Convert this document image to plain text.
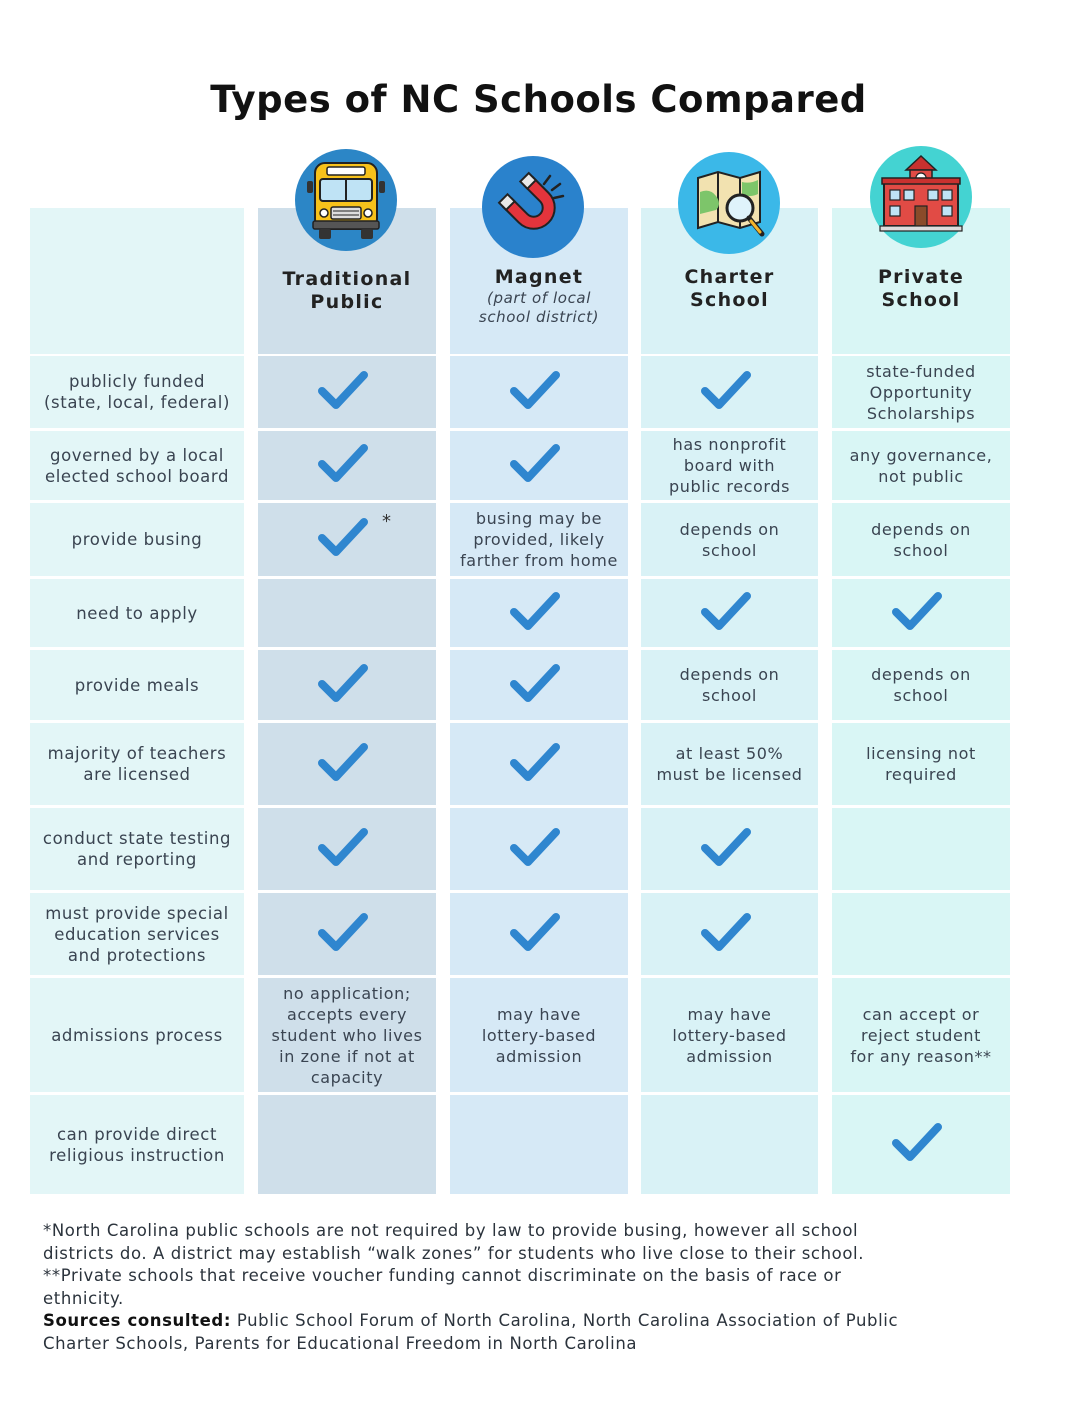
Types of NC Schools Compared
Traditional
Public
Magnet
(part of local
school district)
Charter
School
Private
School
publicly funded
(state, local, federal)
state-funded
Opportunity
Scholarships
governed by a local
elected school board
has nonprofit
board with
public records
any governance,
not public
provide busing
*	busing may be
provided, likely
farther from home
depends on
school
depends on
school
need to apply
provide meals
depends on
school
depends on
school
majority of teachers
are licensed
at least 50%
must be licensed
licensing not
required
conduct state testing
and reporting
must provide special
education services
and protections
admissions process
no application;
accepts every
student who lives
in zone if not at
capacity
may have
lottery-based
admission
may have
lottery-based
admission
can accept or
reject student
for any reason**
can provide direct
religious instruction

*North Carolina public schools are not required by law to provide busing, however all school

districts do. A district may establish “walk zones” for students who live close to their school.

**Private schools that receive voucher funding cannot discriminate on the basis of race or

ethnicity.

Sources consulted: Public School Forum of North Carolina, North Carolina Association of Public

Charter Schools, Parents for Educational Freedom in North Carolina
